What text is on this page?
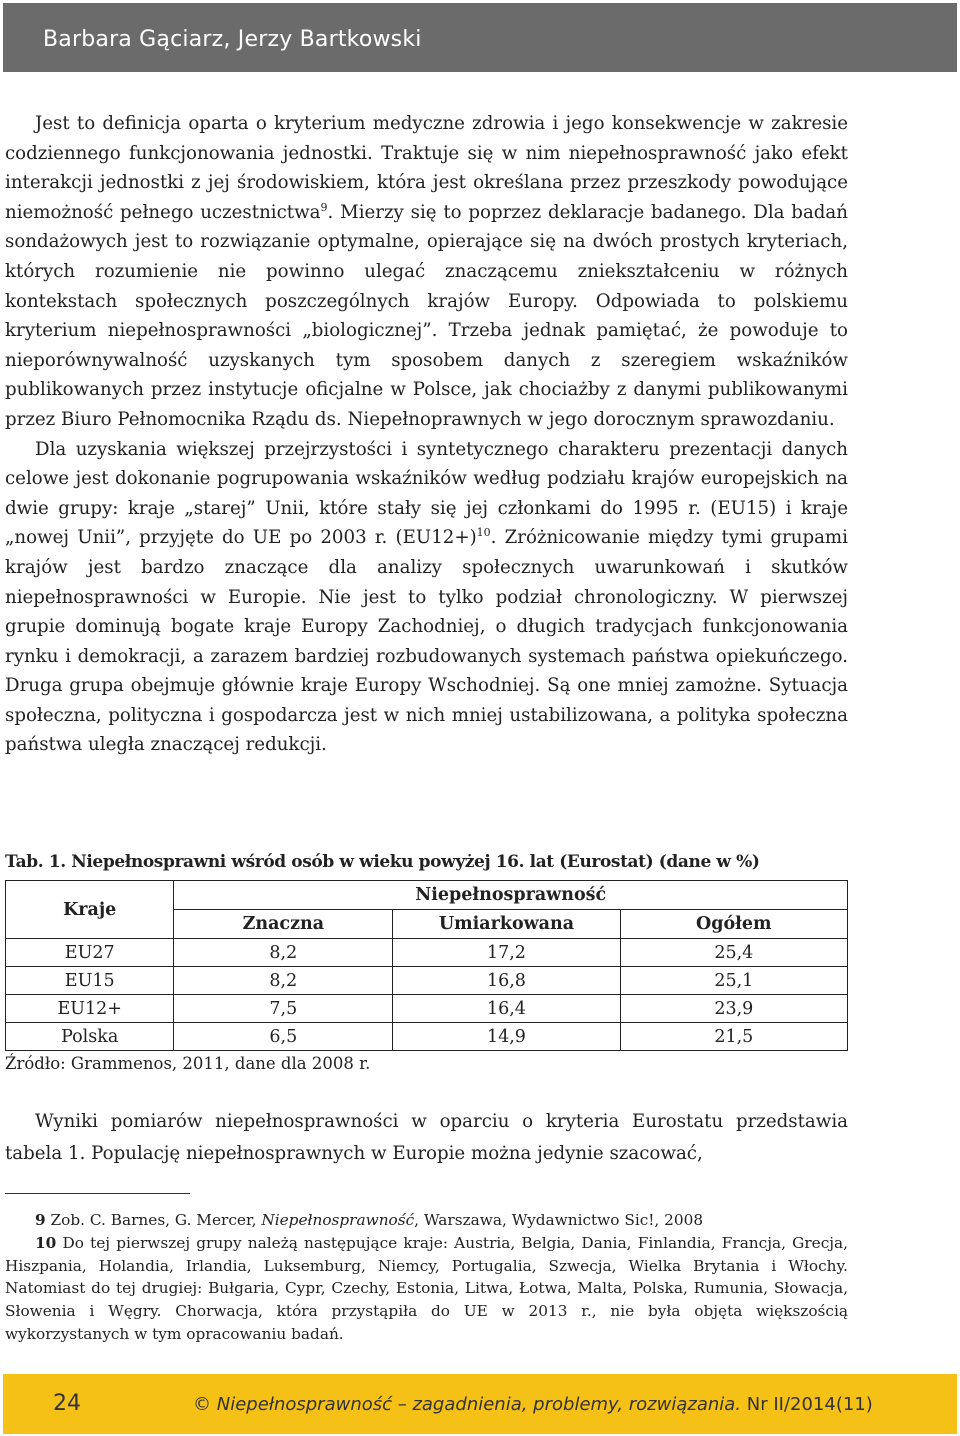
Barbara Gąciarz, Jerzy Bartkowski

Jest to definicja oparta o kryterium medyczne zdrowia i jego konsekwencje w zakresie codziennego funkcjonowania jednostki. Traktuje się w nim niepełnosprawność jako efekt interakcji jednostki z jej środowiskiem, która jest określana przez przeszkody powodujące niemożność pełnego uczestnictwa$^9$. Mierzy się to poprzez deklaracje badanego. Dla badań sondażowych jest to rozwiązanie optymalne, opierające się na dwóch prostych kryteriach, których rozumienie nie powinno ulegać znaczącemu zniekształceniu w różnych kontekstach społecznych poszczególnych krajów Europy. Odpowiada to polskiemu kryterium niepełnosprawności „biologicznej”. Trzeba jednak pamiętać, że powoduje to nieporównywalność uzyskanych tym sposobem danych z szeregiem wskaźników publikowanych przez instytucje oficjalne w Polsce, jak chociażby z danymi publikowanymi przez Biuro Pełnomocnika Rządu ds. Niepełnoprawnych w jego dorocznym sprawozdaniu.

Dla uzyskania większej przejrzystości i syntetycznego charakteru prezentacji danych celowe jest dokonanie pogrupowania wskaźników według podziału krajów europejskich na dwie grupy: kraje „starej” Unii, które stały się jej członkami do 1995 r. (EU15) i kraje „nowej Unii”, przyjęte do UE po 2003 r. $(EU12+)^{10}$. Zróżnicowanie między tymi grupami krajów jest bardzo znaczące dla analizy społecznych uwarunkowań i skutków niepełnosprawności w Europie. Nie jest to tylko podział chronologiczny. W pierwszej grupie dominują bogate kraje Europy Zachodniej, o długich tradycjach funkcjonowania rynku i demokracji, a zarazem bardziej rozbudowanych systemach państwa opiekuńczego. Druga grupa obejmuje głównie kraje Europy Wschodniej. Są one mniej zamożne. Sytuacja społeczna, polityczna i gospodarcza jest w nich mniej ustabilizowana, a polityka społeczna państwa uległa znaczącej redukcji.

Tab. 1. Niepełnosprawni wśród osób w wieku powyżej 16. lat (Eurostat) (dane w %)
Kraje	Niepełnosprawność		
	Znaczna	Umiarkowana	Ogółem
EU27	8,2	17,2	25,4
EU15	8,2	16,8	25,1
EU12+	7,5	16,4	23,9
Polska	6,5	14,9	21,5
Źródło: Grammenos, 2011, dane dla 2008 r.
Wyniki pomiarów niepełnosprawności w oparciu o kryteria Eurostatu przedstawia tabela 1. Populację niepełnosprawnych w Europie można jedynie szacować,

9 Zob. C. Barnes, G. Mercer, Niepełnosprawność, Warszawa, Wydawnictwo Sic!, 2008

10 Do tej pierwszej grupy należą następujące kraje: Austria, Belgia, Dania, Finlandia, Francja, Grecja, Hiszpania, Holandia, Irlandia, Luksemburg, Niemcy, Portugalia, Szwecja, Wielka Brytania i Włochy. Natomiast do tej drugiej: Bułgaria, Cypr, Czechy, Estonia, Litwa, Łotwa, Malta, Polska, Rumunia, Słowacja, Słowenia i Węgry. Chorwacja, która przystąpiła do UE w 2013 r., nie była objęta większością wykorzystanych w tym opracowaniu badań.

24	© Niepełnosprawność – zagadnienia, problemy, rozwiązania. Nr II/2014(11)
